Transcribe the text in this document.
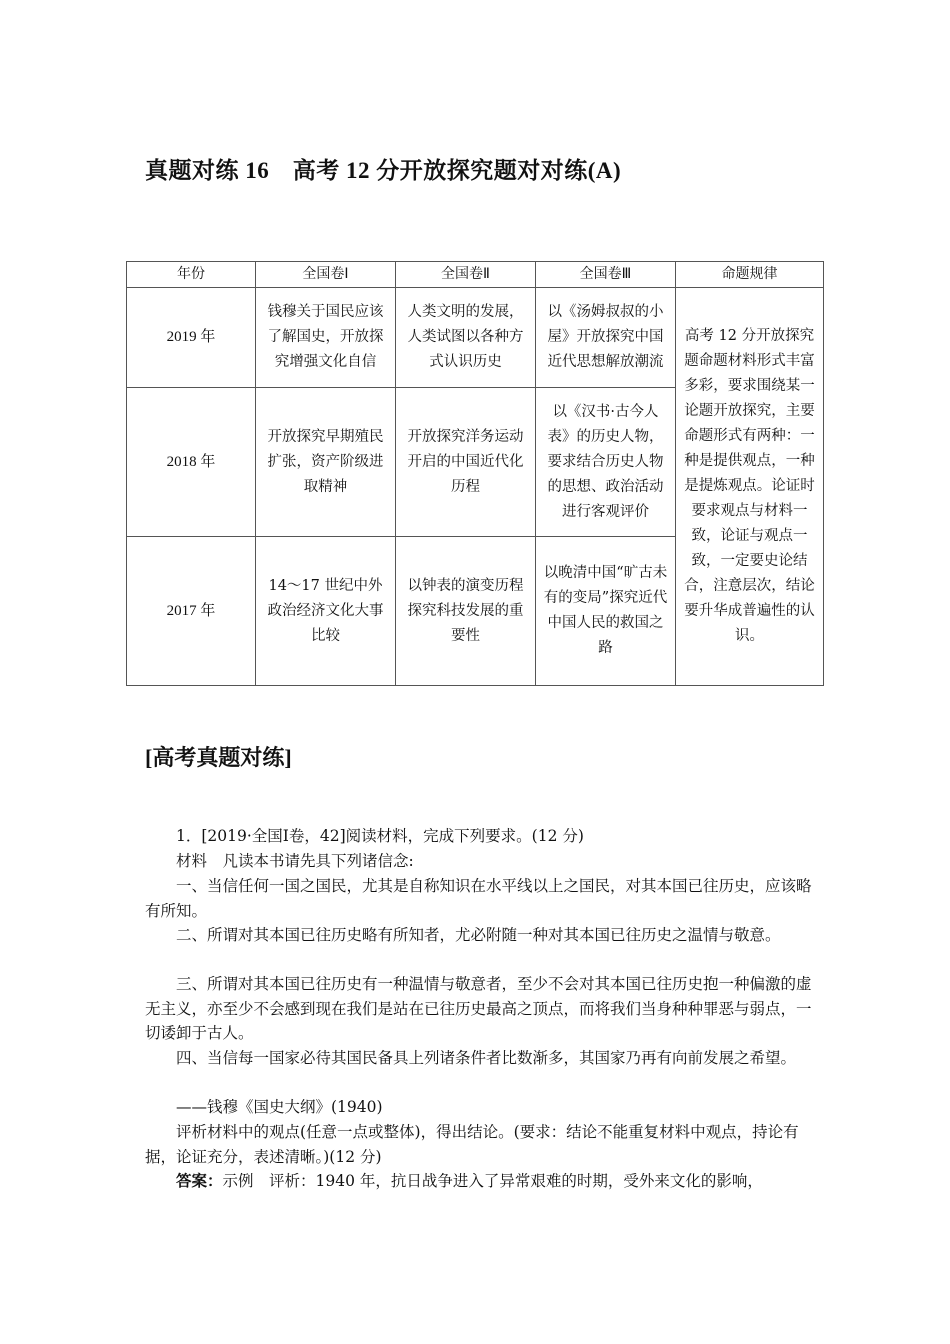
真题对练 16　高考 12 分开放探究题对对练(A)
年份	全国卷Ⅰ	全国卷Ⅱ	全国卷Ⅲ	命题规律
2019 年	钱穆关于国民应该了解国史，开放探究增强文化自信	人类文明的发展，人类试图以各种方式认识历史	以《汤姆叔叔的小屋》开放探究中国近代思想解放潮流	高考 12 分开放探究题命题材料形式丰富多彩，要求围绕某一论题开放探究，主要命题形式有两种：一种是提供观点，一种是提炼观点。论证时要求观点与材料一致，论证与观点一致，一定要史论结合，注意层次，结论要升华成普遍性的认识。
2018 年	开放探究早期殖民扩张，资产阶级进取精神	开放探究洋务运动开启的中国近代化历程	以《汉书·古今人表》的历史人物，要求结合历史人物的思想、政治活动进行客观评价	
2017 年	14～17 世纪中外政治经济文化大事比较	以钟表的演变历程探究科技发展的重要性	以晚清中国“旷古未有的变局”探究近代中国人民的救国之路	
[高考真题对练]

1．[2019·全国Ⅰ卷，42]阅读材料，完成下列要求。(12 分)

材料　凡读本书请先具下列诸信念:

一、当信任何一国之国民，尤其是自称知识在水平线以上之国民，对其本国已往历史，应该略有所知。

二、所谓对其本国已往历史略有所知者，尤必附随一种对其本国已往历史之温情与敬意。

三、所谓对其本国已往历史有一种温情与敬意者，至少不会对其本国已往历史抱一种偏激的虚无主义，亦至少不会感到现在我们是站在已往历史最高之顶点，而将我们当身种种罪恶与弱点，一切诿卸于古人。

四、当信每一国家必待其国民备具上列诸条件者比数渐多，其国家乃再有向前发展之希望。

——钱穆《国史大纲》(1940)

评析材料中的观点(任意一点或整体)，得出结论。(要求：结论不能重复材料中观点，持论有据，论证充分，表述清晰。)(12 分)

答案：示例　评析：1940 年，抗日战争进入了异常艰难的时期，受外来文化的影响，
